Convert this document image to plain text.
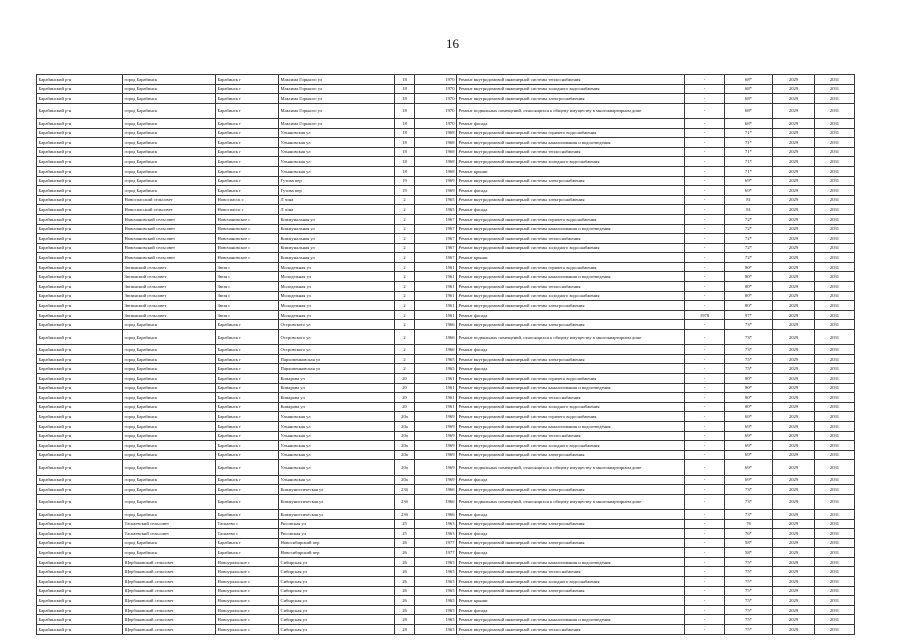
16
Барабинский р-н	город Барабинск	Барабинск г	Максима Горького ул	18	1970	Ремонт внутридомовой инженерной системы теплоснабжения	-	68*	2029	2031
Барабинский р-н	город Барабинск	Барабинск г	Максима Горького ул	18	1970	Ремонт внутридомовой инженерной системы холодного водоснабжения	-	68*	2029	2031
Барабинский р-н	город Барабинск	Барабинск г	Максима Горького ул	18	1970	Ремонт внутридомовой инженерной системы электроснабжения	-	68*	2029	2031
Барабинский р-н	город Барабинск	Барабинск г	Максима Горького ул	18	1970	Ремонт подвальных помещений, относящихся к общему имуществу в многоквартирном доме	-	68*	2029	2031
Барабинский р-н	город Барабинск	Барабинск г	Максима Горького ул	18	1970	Ремонт фасада	-	68*	2029	2031
Барабинский р-н	город Барабинск	Барабинск г	Ульяновская ул	18	1968	Ремонт внутридомовой инженерной системы горячего водоснабжения	-	71*	2029	2031
Барабинский р-н	город Барабинск	Барабинск г	Ульяновская ул	18	1968	Ремонт внутридомовой инженерной системы канализования и водоотведения	-	71*	2029	2031
Барабинский р-н	город Барабинск	Барабинск г	Ульяновская ул	18	1968	Ремонт внутридомовой инженерной системы теплоснабжения	-	71*	2029	2031
Барабинский р-н	город Барабинск	Барабинск г	Ульяновская ул	18	1968	Ремонт внутридомовой инженерной системы холодного водоснабжения	-	71*	2029	2031
Барабинский р-н	город Барабинск	Барабинск г	Ульяновская ул	18	1968	Ремонт крыши	-	71*	2029	2031
Барабинский р-н	город Барабинск	Барабинск г	Гутова пер	19	1969	Ремонт внутридомовой инженерной системы электроснабжения	-	69*	2029	2031
Барабинский р-н	город Барабинск	Барабинск г	Гутова пер	19	1969	Ремонт фасада	-	69*	2029	2031
Барабинский р-н	Новоспасский сельсовет	Новоспасск с	Л зона	2	1965	Ремонт внутридомовой инженерной системы электроснабжения	-	81	2029	2031
Барабинский р-н	Новоспасский сельсовет	Новоспасск с	Л зона	2	1965	Ремонт фасада	-	81	2029	2031
Барабинский р-н	Новочановский сельсовет	Новочановское с	Коммунальная ул	2	1967	Ремонт внутридомовой инженерной системы горячего водоснабжения	-	72*	2029	2031
Барабинский р-н	Новочановский сельсовет	Новочановское с	Коммунальная ул	2	1967	Ремонт внутридомовой инженерной системы канализования и водоотведения	-	72*	2029	2031
Барабинский р-н	Новочановский сельсовет	Новочановское с	Коммунальная ул	2	1967	Ремонт внутридомовой инженерной системы теплоснабжения	-	72*	2029	2031
Барабинский р-н	Новочановский сельсовет	Новочановское с	Коммунальная ул	2	1967	Ремонт внутридомовой инженерной системы холодного водоснабжения	-	72*	2029	2031
Барабинский р-н	Новочановский сельсовет	Новочановское с	Коммунальная ул	2	1967	Ремонт крыши	-	72*	2029	2031
Барабинский р-н	Зюзинский сельсовет	Зюзя с	Молодежная ул	2	1961	Ремонт внутридомовой инженерной системы горячего водоснабжения	-	80*	2029	2031
Барабинский р-н	Зюзинский сельсовет	Зюзя с	Молодежная ул	2	1961	Ремонт внутридомовой инженерной системы канализования и водоотведения	-	80*	2029	2031
Барабинский р-н	Зюзинский сельсовет	Зюзя с	Молодежная ул	2	1961	Ремонт внутридомовой инженерной системы теплоснабжения	-	80*	2029	2031
Барабинский р-н	Зюзинский сельсовет	Зюзя с	Молодежная ул	2	1961	Ремонт внутридомовой инженерной системы холодного водоснабжения	-	80*	2029	2031
Барабинский р-н	Зюзинский сельсовет	Зюзя с	Молодежная ул	2	1961	Ремонт внутридомовой инженерной системы электроснабжения	-	80*	2029	2031
Барабинский р-н	Зюзинский сельсовет	Зюзя с	Молодежная ул	2	1961	Ремонт фасада	1978	97*	2029	2031
Барабинский р-н	город Барабинск	Барабинск г	Островского ул	2	1966	Ремонт внутридомовой инженерной системы электроснабжения	-	73*	2029	2031
Барабинский р-н	город Барабинск	Барабинск г	Островского ул	2	1966	Ремонт подвальных помещений, относящихся к общему имуществу в многоквартирном доме	-	73*	2029	2031
Барабинский р-н	город Барабинск	Барабинск г	Островского ул	2	1966	Ремонт фасада	-	73*	2029	2031
Барабинский р-н	город Барабинск	Барабинск г	Пархоменковская ул	2	1965	Ремонт внутридомовой инженерной системы электроснабжения	-	75*	2029	2031
Барабинский р-н	город Барабинск	Барабинск г	Пархоменковская ул	2	1965	Ремонт фасада	-	75*	2029	2031
Барабинский р-н	город Барабинск	Барабинск г	Комарова ул	20	1961	Ремонт внутридомовой инженерной системы горячего водоснабжения	-	80*	2029	2031
Барабинский р-н	город Барабинск	Барабинск г	Комарова ул	20	1961	Ремонт внутридомовой инженерной системы канализования и водоотведения	-	80*	2029	2031
Барабинский р-н	город Барабинск	Барабинск г	Комарова ул	20	1961	Ремонт внутридомовой инженерной системы теплоснабжения	-	80*	2029	2031
Барабинский р-н	город Барабинск	Барабинск г	Комарова ул	20	1961	Ремонт внутридомовой инженерной системы холодного водоснабжения	-	80*	2029	2031
Барабинский р-н	город Барабинск	Барабинск г	Ульяновская ул	20а	1969	Ремонт внутридомовой инженерной системы горячего водоснабжения	-	69*	2029	2031
Барабинский р-н	город Барабинск	Барабинск г	Ульяновская ул	20а	1969	Ремонт внутридомовой инженерной системы канализования и водоотведения	-	69*	2029	2031
Барабинский р-н	город Барабинск	Барабинск г	Ульяновская ул	20а	1969	Ремонт внутридомовой инженерной системы теплоснабжения	-	69*	2029	2031
Барабинский р-н	город Барабинск	Барабинск г	Ульяновская ул	20а	1969	Ремонт внутридомовой инженерной системы холодного водоснабжения	-	69*	2029	2031
Барабинский р-н	город Барабинск	Барабинск г	Ульяновская ул	20а	1969	Ремонт внутридомовой инженерной системы электроснабжения	-	69*	2029	2031
Барабинский р-н	город Барабинск	Барабинск г	Ульяновская ул	20а	1969	Ремонт подвальных помещений, относящихся к общему имуществу в многоквартирном доме	-	69*	2029	2031
Барабинский р-н	город Барабинск	Барабинск г	Ульяновская ул	20а	1969	Ремонт фасада	-	69*	2029	2031
Барабинский р-н	город Барабинск	Барабинск г	Коммунистическая ул	23б	1966	Ремонт внутридомовой инженерной системы электроснабжения	-	73*	2029	2031
Барабинский р-н	город Барабинск	Барабинск г	Коммунистическая ул	23б	1966	Ремонт подвальных помещений, относящихся к общему имуществу в многоквартирном доме	-	73*	2029	2031
Барабинский р-н	город Барабинск	Барабинск г	Коммунистическая ул	23б	1966	Ремонт фасада	-	73*	2029	2031
Барабинский р-н	Таскаевский сельсовет	Таскаево с	Рисовская ул	25	1963	Ремонт внутридомовой инженерной системы электроснабжения	-	76	2029	2031
Барабинский р-н	Таскаевский сельсовет	Таскаево с	Рисовская ул	25	1963	Ремонт фасада	-	76*	2029	2031
Барабинский р-н	город Барабинск	Барабинск г	Новосибирский пер	26	1977	Ремонт внутридомовой инженерной системы электроснабжения	-	58*	2029	2031
Барабинский р-н	город Барабинск	Барабинск г	Новосибирский пер	26	1977	Ремонт фасада	-	58*	2029	2031
Барабинский р-н	Щербаковский сельсовет	Новоуральское с	Сибирская ул	26	1965	Ремонт внутридомовой инженерной системы канализования и водоотведения	-	75*	2029	2031
Барабинский р-н	Щербаковский сельсовет	Новоуральское с	Сибирская ул	26	1965	Ремонт внутридомовой инженерной системы теплоснабжения	-	75*	2029	2031
Барабинский р-н	Щербаковский сельсовет	Новоуральское с	Сибирская ул	26	1965	Ремонт внутридомовой инженерной системы холодного водоснабжения	-	75*	2029	2031
Барабинский р-н	Щербаковский сельсовет	Новоуральское с	Сибирская ул	26	1965	Ремонт внутридомовой инженерной системы электроснабжения	-	75*	2029	2031
Барабинский р-н	Щербаковский сельсовет	Новоуральское с	Сибирская ул	26	1965	Ремонт крыши	-	75*	2029	2031
Барабинский р-н	Щербаковский сельсовет	Новоуральское с	Сибирская ул	26	1965	Ремонт фасада	-	75*	2029	2031
Барабинский р-н	Щербаковский сельсовет	Новоуральское с	Сибирская ул	28	1965	Ремонт внутридомовой инженерной системы канализования и водоотведения	-	75*	2029	2031
Барабинский р-н	Щербаковский сельсовет	Новоуральское с	Сибирская ул	28	1965	Ремонт внутридомовой инженерной системы теплоснабжения	-	75*	2029	2031
